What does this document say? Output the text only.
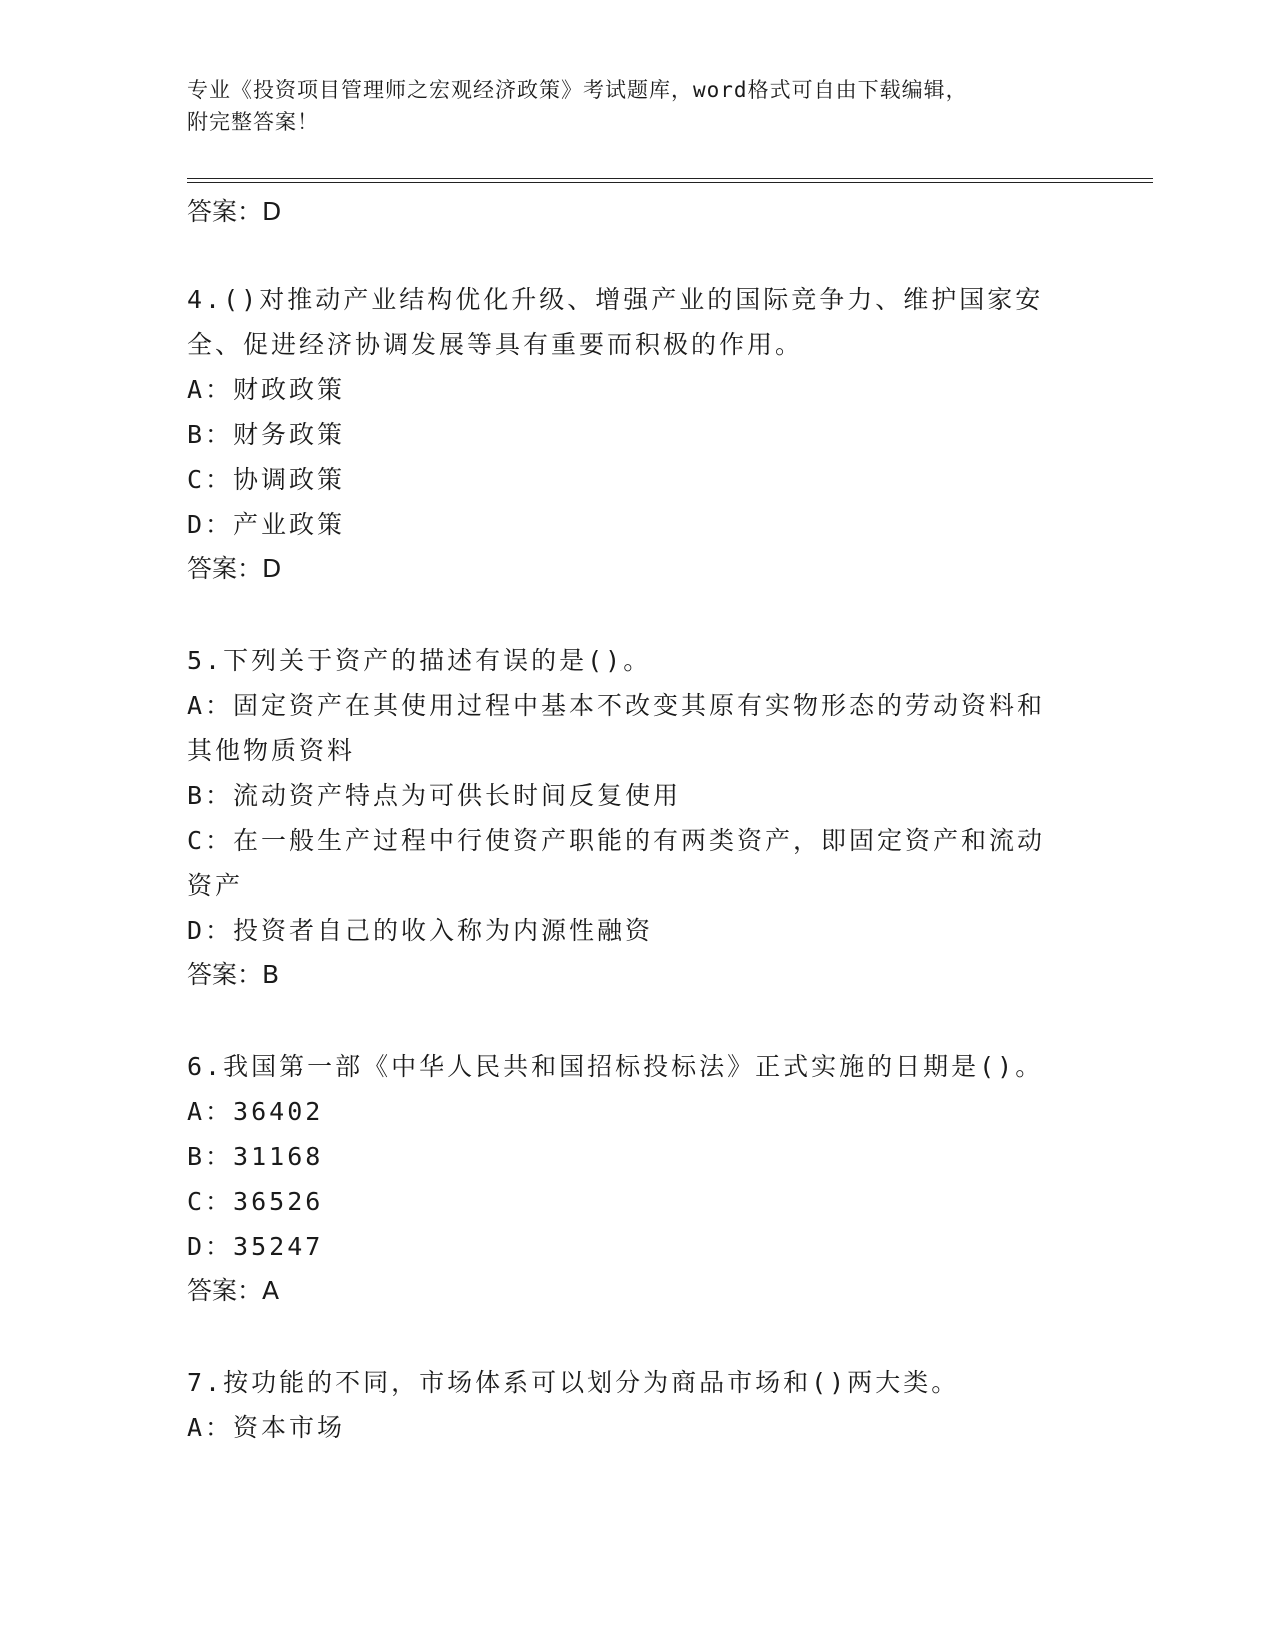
专业《投资项目管理师之宏观经济政策》考试题库，word格式可自由下载编辑，
附完整答案！
答案：D
4.()对推动产业结构优化升级、增强产业的国际竞争力、维护国家安
全、促进经济协调发展等具有重要而积极的作用。
A：财政政策
B：财务政策
C：协调政策
D：产业政策
答案：D
5.下列关于资产的描述有误的是()。
A：固定资产在其使用过程中基本不改变其原有实物形态的劳动资料和
其他物质资料
B：流动资产特点为可供长时间反复使用
C：在一般生产过程中行使资产职能的有两类资产，即固定资产和流动
资产
D：投资者自己的收入称为内源性融资
答案：B
6.我国第一部《中华人民共和国招标投标法》正式实施的日期是()。
A：36402
B：31168
C：36526
D：35247
答案：A
7.按功能的不同，市场体系可以划分为商品市场和()两大类。
A：资本市场
